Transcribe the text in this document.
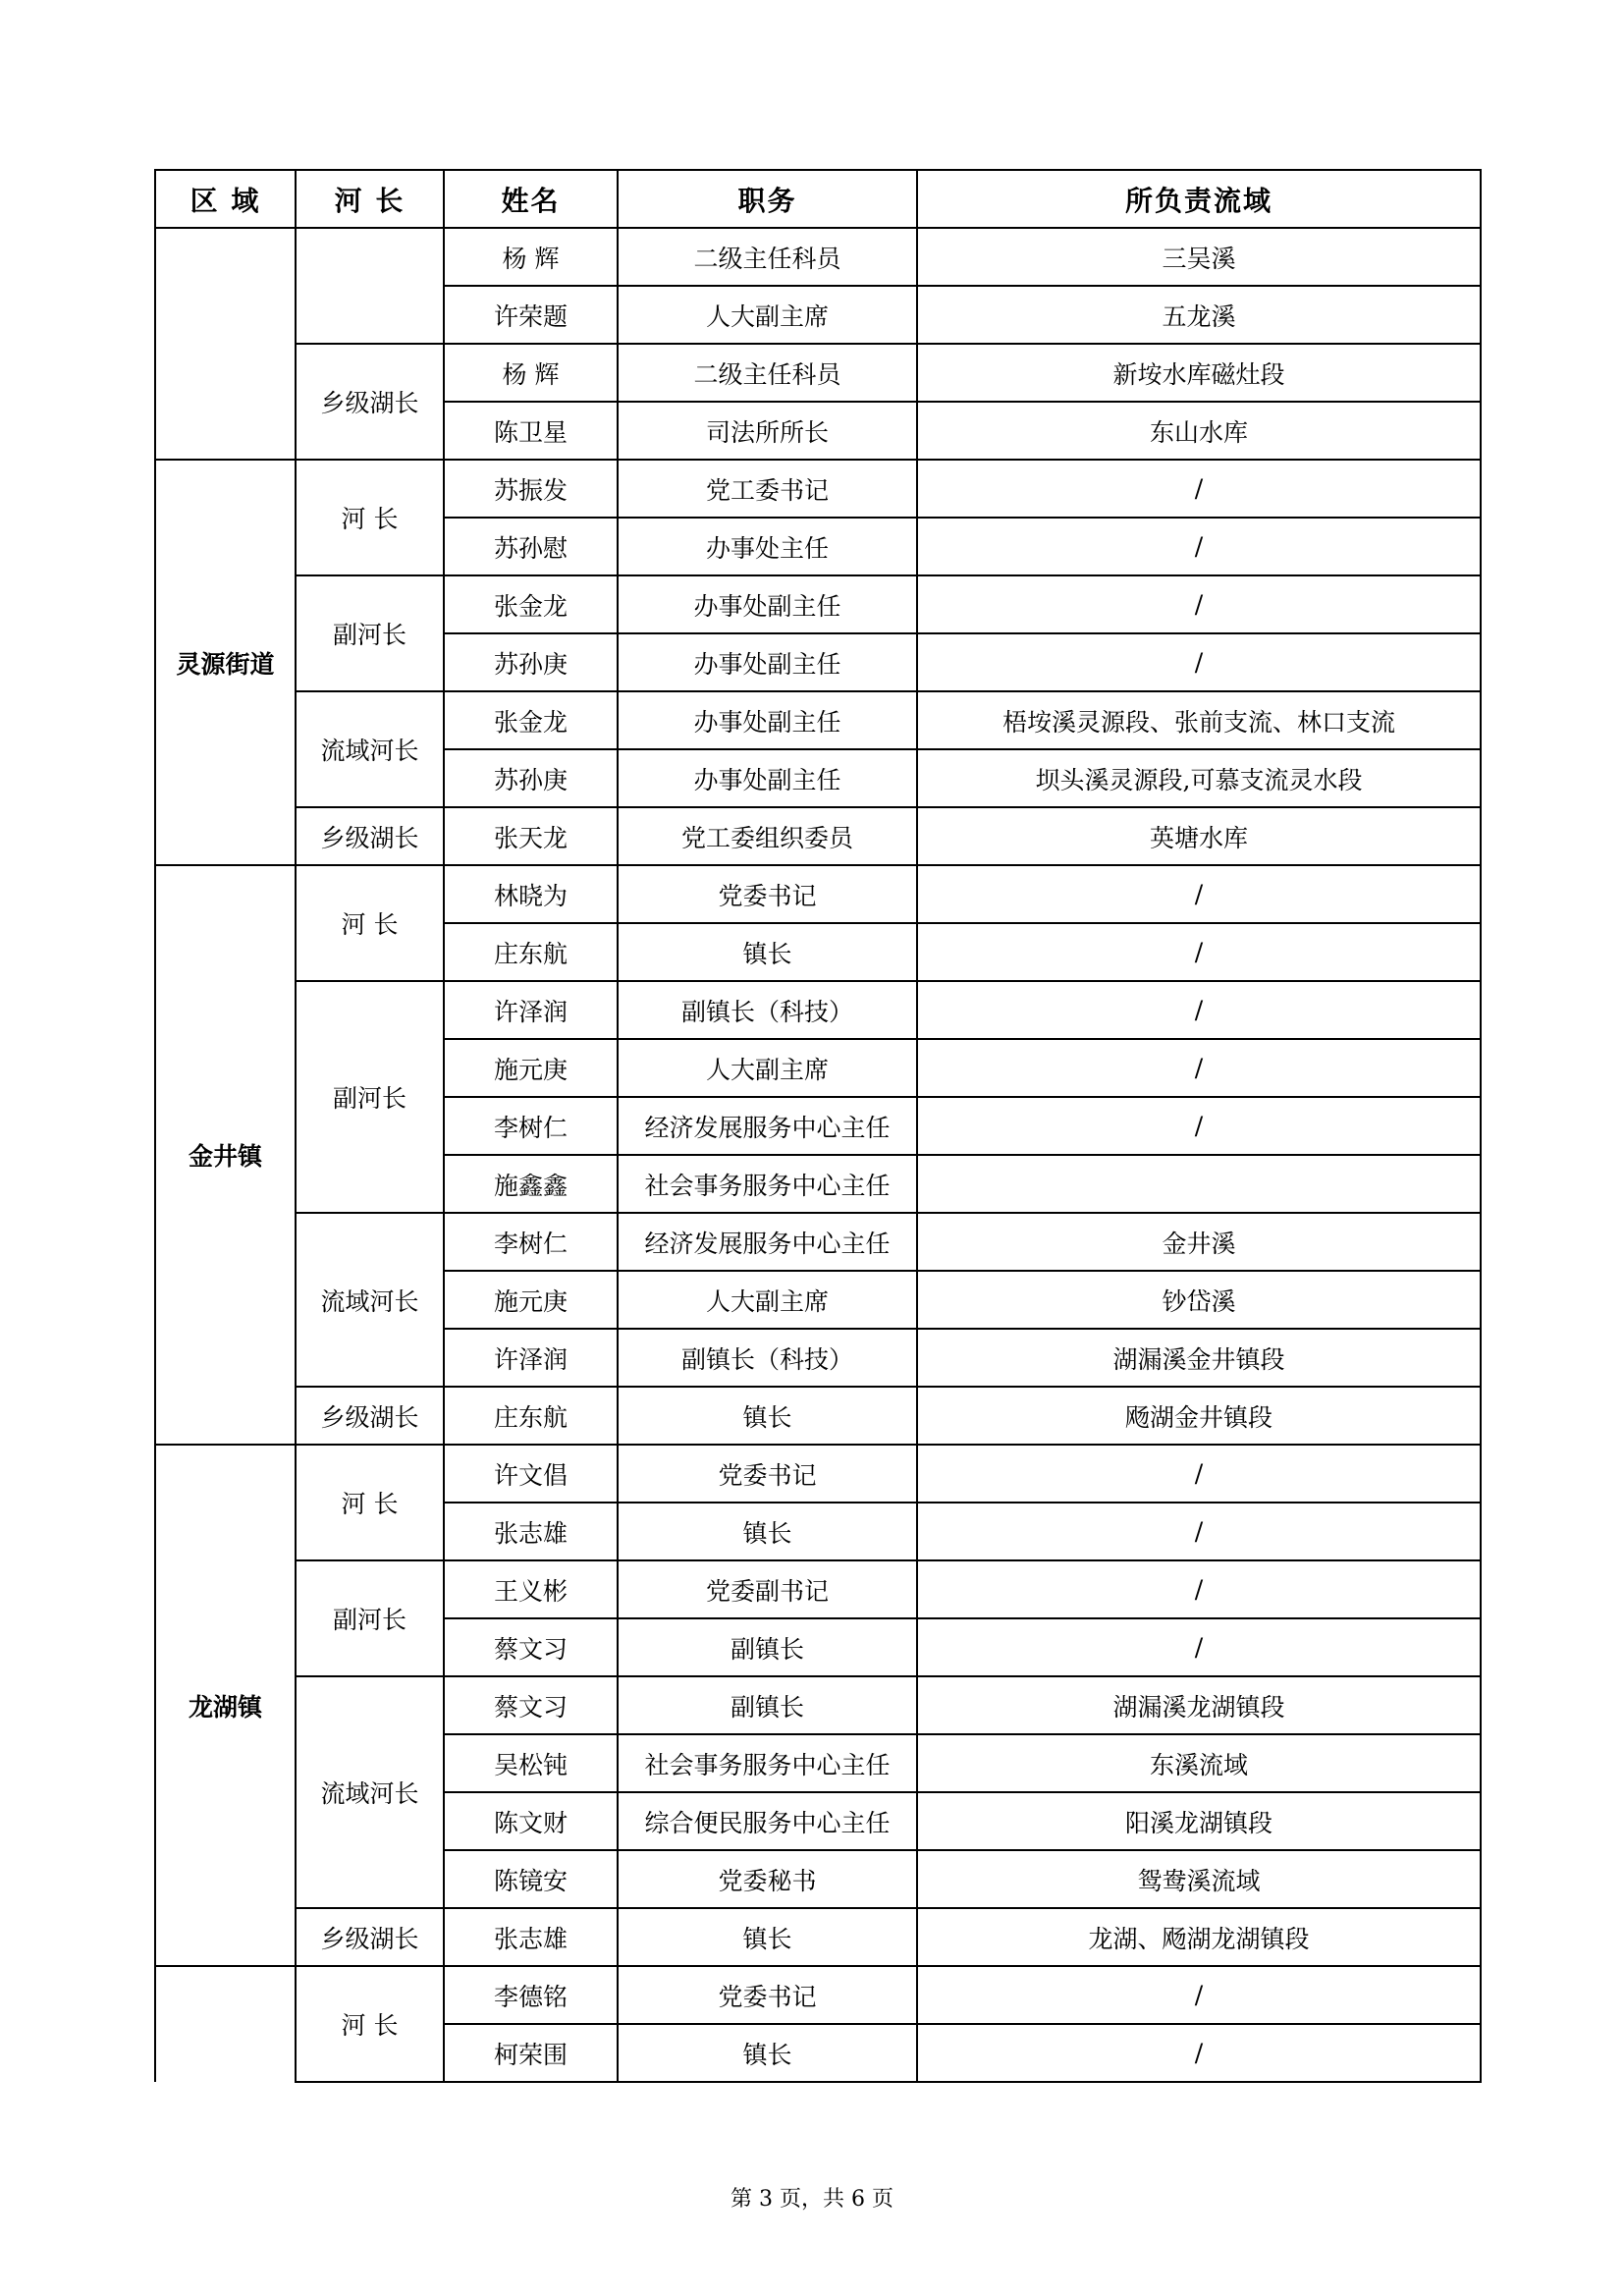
区 域	河 长	姓名	职务	所负责流域
		杨 辉	二级主任科员	三吴溪
		许荣题	人大副主席	五龙溪
	乡级湖长	杨 辉	二级主任科员	新垵水库磁灶段
		陈卫星	司法所所长	东山水库
灵源街道	河 长	苏振发	党工委书记	/
		苏孙慰	办事处主任	/
	副河长	张金龙	办事处副主任	/
		苏孙庚	办事处副主任	/
	流域河长	张金龙	办事处副主任	梧垵溪灵源段、张前支流、林口支流
		苏孙庚	办事处副主任	坝头溪灵源段,可慕支流灵水段
	乡级湖长	张天龙	党工委组织委员	英塘水库
金井镇	河 长	林晓为	党委书记	/
		庄东航	镇长	/
	副河长	许泽润	副镇长（科技）	/
		施元庚	人大副主席	/
		李树仁	经济发展服务中心主任	/
		施鑫鑫	社会事务服务中心主任	
	流域河长	李树仁	经济发展服务中心主任	金井溪
		施元庚	人大副主席	钞岱溪
		许泽润	副镇长（科技）	湖漏溪金井镇段
	乡级湖长	庄东航	镇长	飏湖金井镇段
龙湖镇	河 长	许文倡	党委书记	/
		张志雄	镇长	/
	副河长	王义彬	党委副书记	/
		蔡文习	副镇长	/
	流域河长	蔡文习	副镇长	湖漏溪龙湖镇段
		吴松钝	社会事务服务中心主任	东溪流域
		陈文财	综合便民服务中心主任	阳溪龙湖镇段
		陈镜安	党委秘书	鸳鸯溪流域
	乡级湖长	张志雄	镇长	龙湖、飏湖龙湖镇段
	河 长	李德铭	党委书记	/
		柯荣围	镇长	/
第 3 页，共 6 页
